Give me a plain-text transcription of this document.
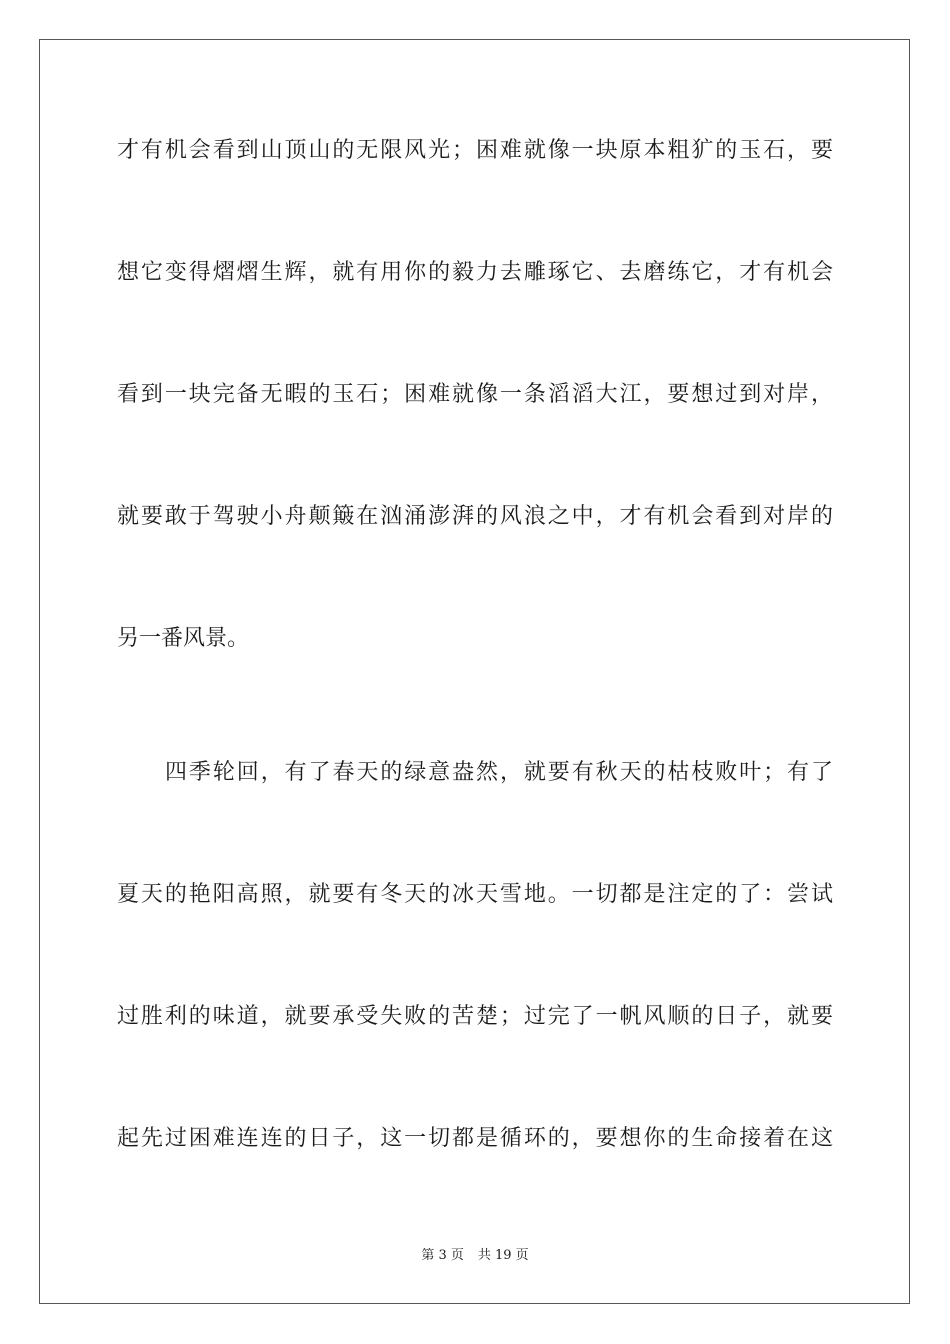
才有机会看到山顶山的无限风光；困难就像一块原本粗犷的玉石，要
想它变得熠熠生辉，就有用你的毅力去雕琢它、去磨练它，才有机会
看到一块完备无暇的玉石；困难就像一条滔滔大江，要想过到对岸，
就要敢于驾驶小舟颠簸在汹涌澎湃的风浪之中，才有机会看到对岸的
另一番风景。
四季轮回，有了春天的绿意盎然，就要有秋天的枯枝败叶；有了
夏天的艳阳高照，就要有冬天的冰天雪地。一切都是注定的了：尝试
过胜利的味道，就要承受失败的苦楚；过完了一帆风顺的日子，就要
起先过困难连连的日子，这一切都是循环的，要想你的生命接着在这
第 3 页 共 19 页
